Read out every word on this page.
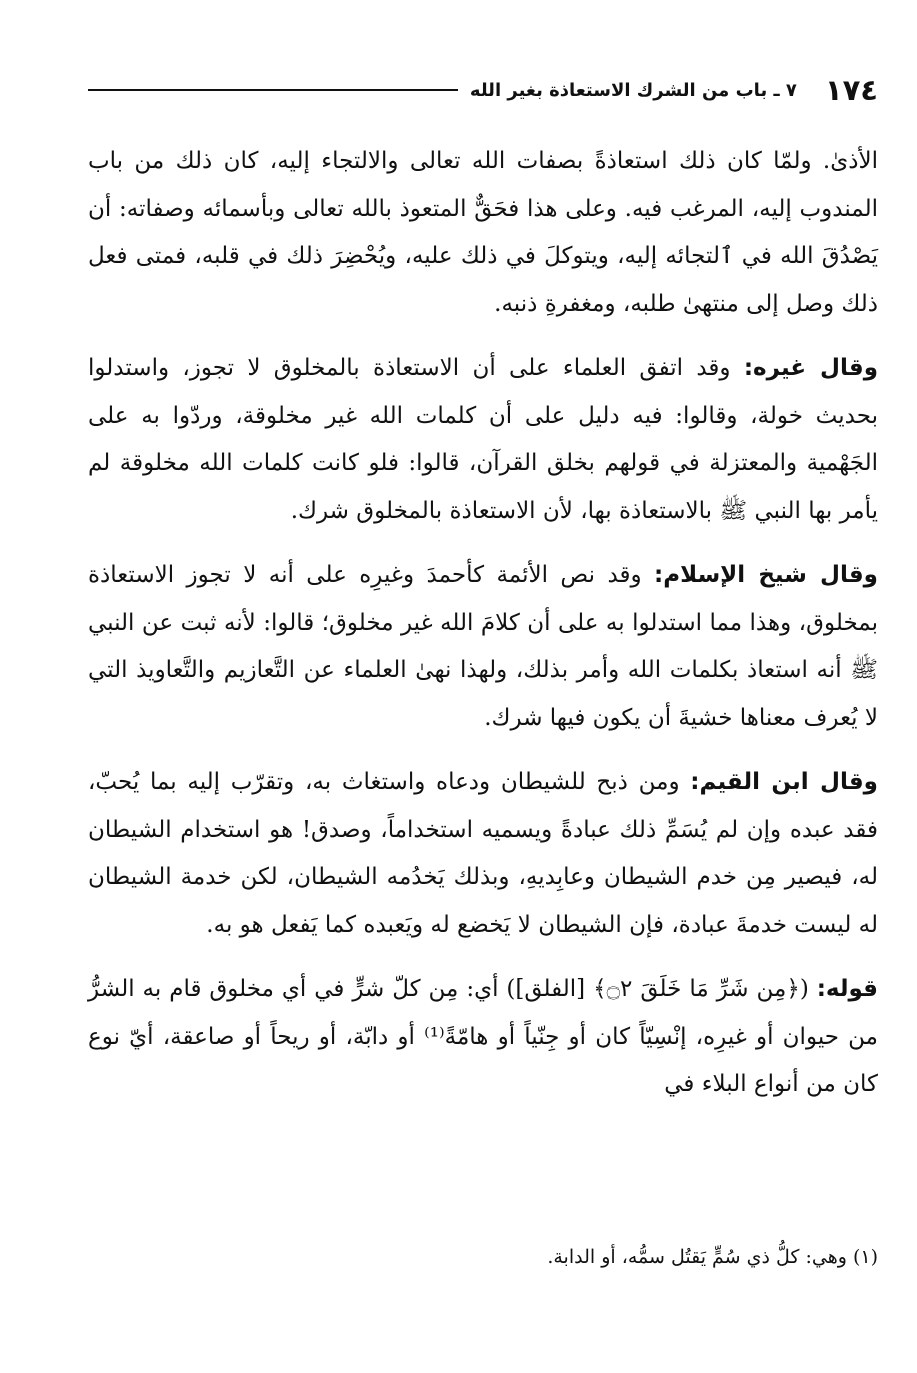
١٧٤
٧ ـ باب من الشرك الاستعاذة بغير الله

الأذىٰ. ولمّا كان ذلك استعاذةً بصفات الله تعالى والالتجاء إليه، كان ذلك من باب المندوب إليه، المرغب فيه. وعلى هذا فحَقٌّ المتعوذ بالله تعالى وبأسمائه وصفاته: أن يَصْدُقَ الله في ٱلتجائه إليه، ويتوكلَ في ذلك عليه، ويُحْضِرَ ذلك في قلبه، فمتى فعل ذلك وصل إلى منتهىٰ طلبه، ومغفرةِ ذنبه.

وقال غيره: وقد اتفق العلماء على أن الاستعاذة بالمخلوق لا تجوز، واستدلوا بحديث خولة، وقالوا: فيه دليل على أن كلمات الله غير مخلوقة، وردّوا به على الجَهْمية والمعتزلة في قولهم بخلق القرآن، قالوا: فلو كانت كلمات الله مخلوقة لم يأمر بها النبي ﷺ بالاستعاذة بها، لأن الاستعاذة بالمخلوق شرك.

وقال شيخ الإسلام: وقد نص الأئمة كأحمدَ وغيرِه على أنه لا تجوز الاستعاذة بمخلوق، وهذا مما استدلوا به على أن كلامَ الله غير مخلوق؛ قالوا: لأنه ثبت عن النبي ﷺ أنه استعاذ بكلمات الله وأمر بذلك، ولهذا نهىٰ العلماء عن التَّعازيم والتَّعاويذ التي لا يُعرف معناها خشيةَ أن يكون فيها شرك.

وقال ابن القيم: ومن ذبح للشيطان ودعاه واستغاث به، وتقرّب إليه بما يُحبّ، فقد عبده وإن لم يُسَمِّ ذلك عبادةً ويسميه استخداماً، وصدق! هو استخدام الشيطان له، فيصير مِن خدم الشيطان وعابِديهِ، وبذلك يَخدُمه الشيطان، لكن خدمة الشيطان له ليست خدمةَ عبادة، فإن الشيطان لا يَخضع له ويَعبده كما يَفعل هو به.

قوله: (﴿مِن شَرِّ مَا خَلَقَ ۝٢﴾ [الفلق]) أي: مِن كلّ شرٍّ في أي مخلوق قام به الشرُّ من حيوان أو غيرِه، إنْسِيّاً كان أو جِنّياً أو هامّةً⁽¹⁾ أو دابّة، أو ريحاً أو صاعقة، أيّ نوع كان من أنواع البلاء في

(١) وهي: كلُّ ذي سُمٍّ يَقتُل سمُّه، أو الدابة.
